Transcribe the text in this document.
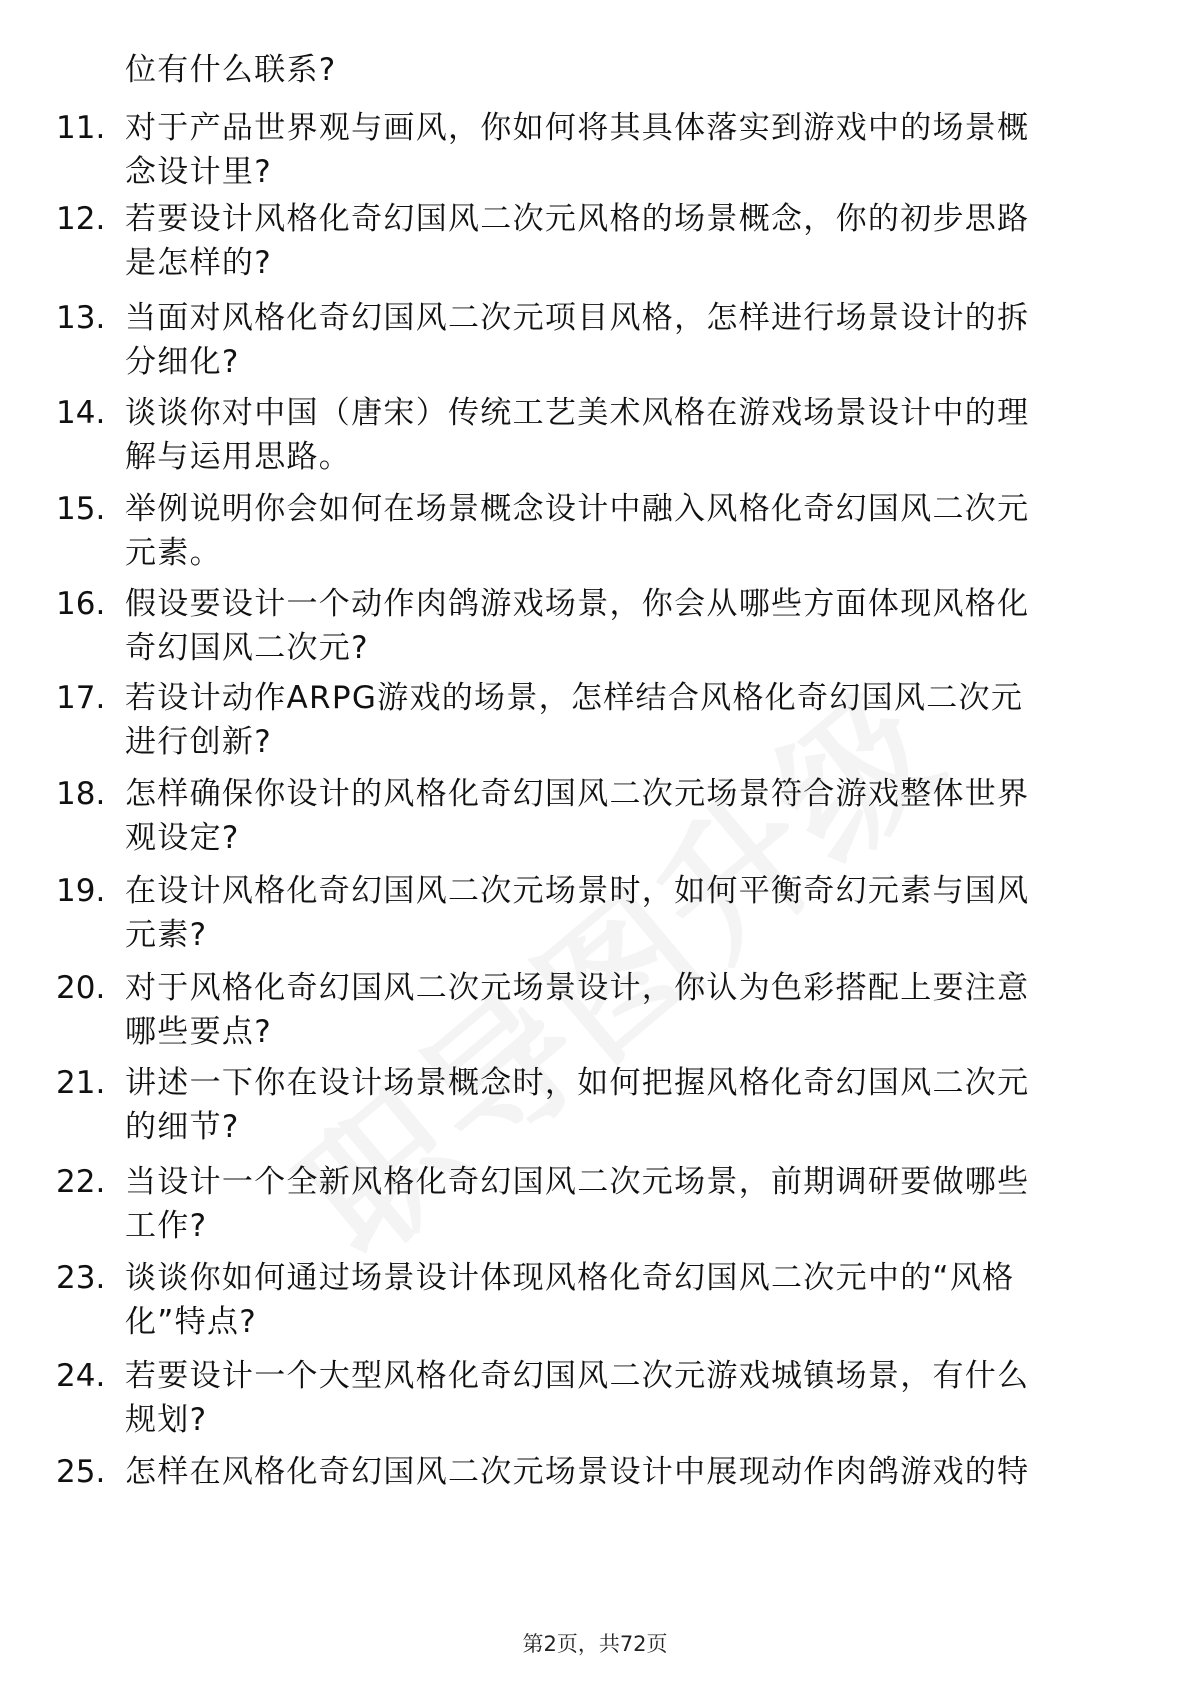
位有什么联系?
11. 对于产品世界观与画风，你如何将其具体落实到游戏中的场景概
念设计里?
12. 若要设计风格化奇幻国风二次元风格的场景概念，你的初步思路
是怎样的?
13. 当面对风格化奇幻国风二次元项目风格，怎样进行场景设计的拆
分细化?
14. 谈谈你对中国（唐宋）传统工艺美术风格在游戏场景设计中的理
解与运用思路。
15. 举例说明你会如何在场景概念设计中融入风格化奇幻国风二次元
元素。
16. 假设要设计一个动作肉鸽游戏场景，你会从哪些方面体现风格化
奇幻国风二次元?
17. 若设计动作ARPG游戏的场景，怎样结合风格化奇幻国风二次元
进行创新?
18. 怎样确保你设计的风格化奇幻国风二次元场景符合游戏整体世界
观设定?
19. 在设计风格化奇幻国风二次元场景时，如何平衡奇幻元素与国风
元素?
20. 对于风格化奇幻国风二次元场景设计，你认为色彩搭配上要注意
哪些要点?
21. 讲述一下你在设计场景概念时，如何把握风格化奇幻国风二次元
的细节?
22. 当设计一个全新风格化奇幻国风二次元场景，前期调研要做哪些
工作?
23. 谈谈你如何通过场景设计体现风格化奇幻国风二次元中的“风格
化”特点?
24. 若要设计一个大型风格化奇幻国风二次元游戏城镇场景，有什么
规划?
25. 怎样在风格化奇幻国风二次元场景设计中展现动作肉鸽游戏的特
第2页，共72页
